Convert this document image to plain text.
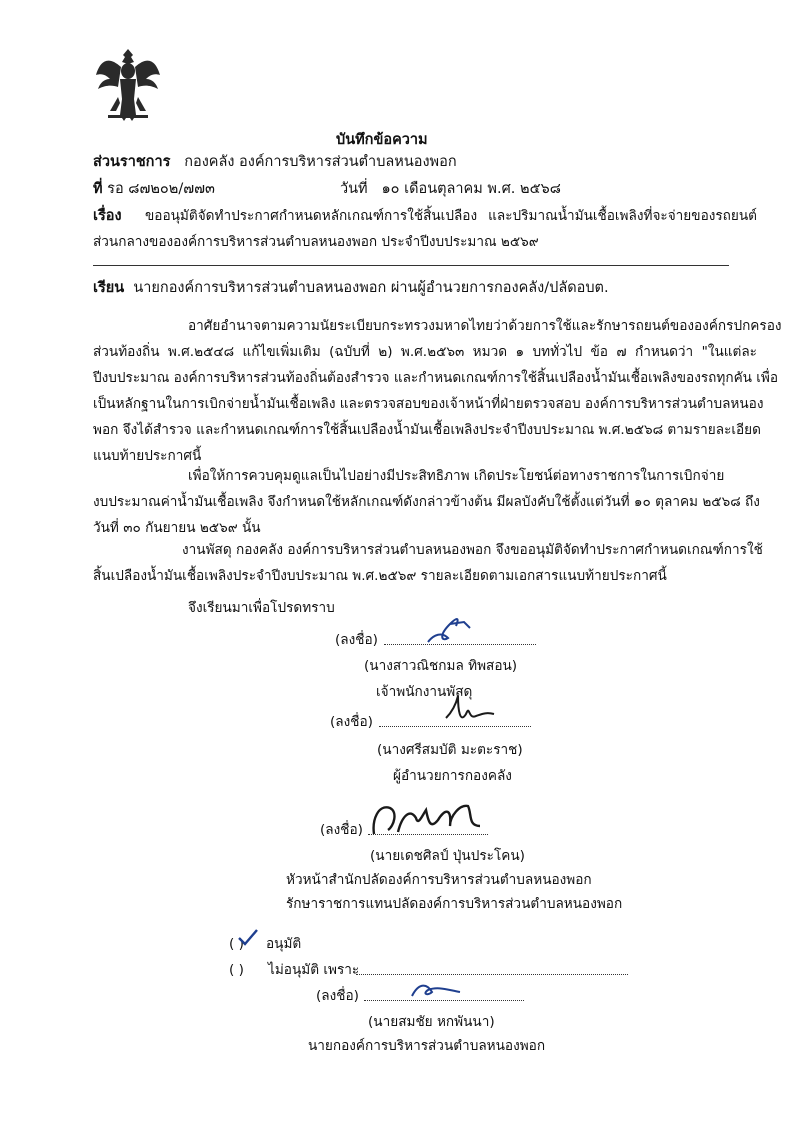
บันทึกข้อความ
ส่วนราชการ กองคลัง องค์การบริหารส่วนตำบลหนองพอก
ที่ รอ ๘๗๒๐๒/๗๗๓	วันที่ ๑๐ เดือนตุลาคม พ.ศ. ๒๕๖๘
เรื่อง ขออนุมัติจัดทำประกาศกำหนดหลักเกณฑ์การใช้สิ้นเปลือง และปริมาณน้ำมันเชื้อเพลิงที่จะจ่ายของรถยนต์
ส่วนกลางขององค์การบริหารส่วนตำบลหนองพอก ประจำปีงบประมาณ ๒๕๖๙
เรียน นายกองค์การบริหารส่วนตำบลหนองพอก ผ่านผู้อำนวยการกองคลัง/ปลัดอบต.
อาศัยอำนาจตามความนัยระเบียบกระทรวงมหาดไทยว่าด้วยการใช้และรักษารถยนต์ขององค์กรปกครอง
ส่วนท้องถิ่น พ.ศ.๒๕๔๘ แก้ไขเพิ่มเติม (ฉบับที่ ๒) พ.ศ.๒๕๖๓ หมวด ๑ บททั่วไป ข้อ ๗ กำหนดว่า "ในแต่ละ
ปีงบประมาณ องค์การบริหารส่วนท้องถิ่นต้องสำรวจ และกำหนดเกณฑ์การใช้สิ้นเปลืองน้ำมันเชื้อเพลิงของรถทุกคัน เพื่อ
เป็นหลักฐานในการเบิกจ่ายน้ำมันเชื้อเพลิง และตรวจสอบของเจ้าหน้าที่ฝ่ายตรวจสอบ องค์การบริหารส่วนตำบลหนอง
พอก จึงได้สำรวจ และกำหนดเกณฑ์การใช้สิ้นเปลืองน้ำมันเชื้อเพลิงประจำปีงบประมาณ พ.ศ.๒๕๖๘ ตามรายละเอียด
แนบท้ายประกาศนี้
เพื่อให้การควบคุมดูแลเป็นไปอย่างมีประสิทธิภาพ เกิดประโยชน์ต่อทางราชการในการเบิกจ่าย
งบประมาณค่าน้ำมันเชื้อเพลิง จึงกำหนดใช้หลักเกณฑ์ดังกล่าวข้างต้น มีผลบังคับใช้ตั้งแต่วันที่ ๑๐ ตุลาคม ๒๕๖๘ ถึง
วันที่ ๓๐ กันยายน ๒๕๖๙ นั้น
งานพัสดุ กองคลัง องค์การบริหารส่วนตำบลหนองพอก จึงขออนุมัติจัดทำประกาศกำหนดเกณฑ์การใช้
สิ้นเปลืองน้ำมันเชื้อเพลิงประจำปีงบประมาณ พ.ศ.๒๕๖๙ รายละเอียดตามเอกสารแนบท้ายประกาศนี้
จึงเรียนมาเพื่อโปรดทราบ
(ลงชื่อ)
(นางสาวณิชกมล ทิพสอน)
เจ้าพนักงานพัสดุ
(ลงชื่อ)
(นางศรีสมบัติ มะตะราช)
ผู้อำนวยการกองคลัง
(ลงชื่อ)
(นายเดชศิลป์ ปุ่นประโคน)
หัวหน้าสำนักปลัดองค์การบริหารส่วนตำบลหนองพอก
รักษาราชการแทนปลัดองค์การบริหารส่วนตำบลหนองพอก
( ) อนุมัติ
( ) ไม่อนุมัติ เพราะ
(ลงชื่อ)
(นายสมชัย หกพันนา)
นายกองค์การบริหารส่วนตำบลหนองพอก
